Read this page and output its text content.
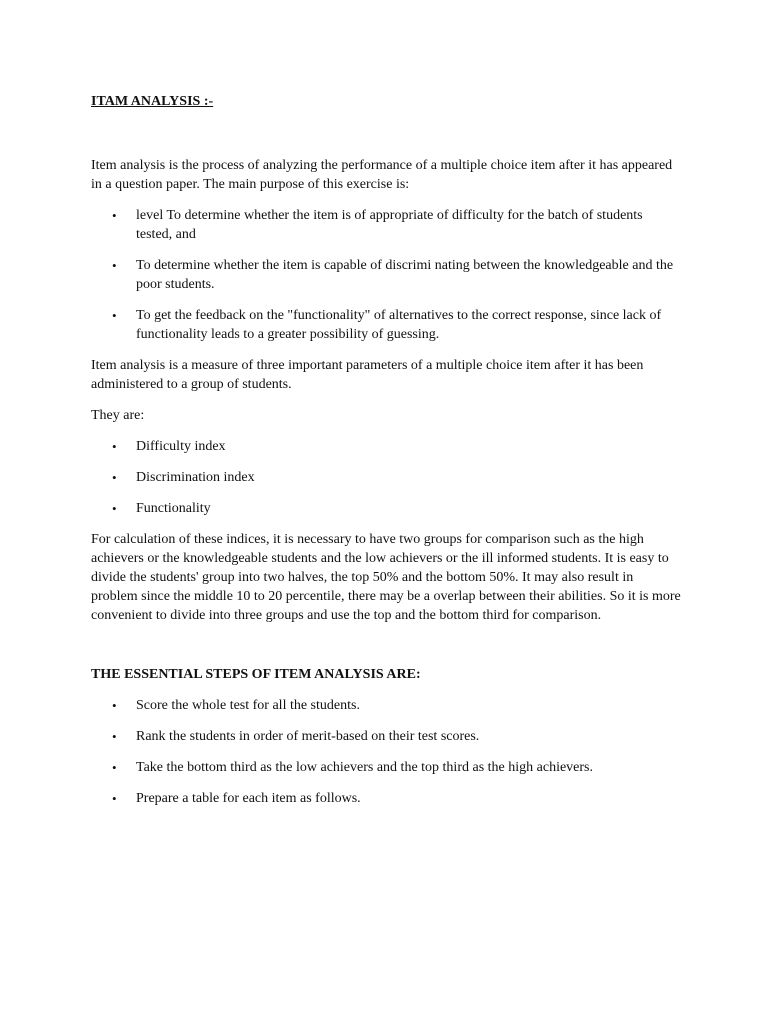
ITAM ANALYSIS :-

Item analysis is the process of analyzing the performance of a multiple choice item after it has appeared in a question paper. The main purpose of this exercise is:

• level To determine whether the item is of appropriate of difficulty for the batch of students tested, and
• To determine whether the item is capable of discrimi nating between the knowledgeable and the poor students.
• To get the feedback on the "functionality" of alternatives to the correct response, since lack of functionality leads to a greater possibility of guessing.

Item analysis is a measure of three important parameters of a multiple choice item after it has been administered to a group of students.

They are:

• Difficulty index
• Discrimination index
• Functionality

For calculation of these indices, it is necessary to have two groups for comparison such as the high achievers or the knowledgeable students and the low achievers or the ill informed students. It is easy to divide the students' group into two halves, the top 50% and the bottom 50%. It may also result in problem since the middle 10 to 20 percentile, there may be a overlap between their abilities. So it is more convenient to divide into three groups and use the top and the bottom third for comparison.

THE ESSENTIAL STEPS OF ITEM ANALYSIS ARE:

• Score the whole test for all the students.
• Rank the students in order of merit-based on their test scores.
• Take the bottom third as the low achievers and the top third as the high achievers.
• Prepare a table for each item as follows.
